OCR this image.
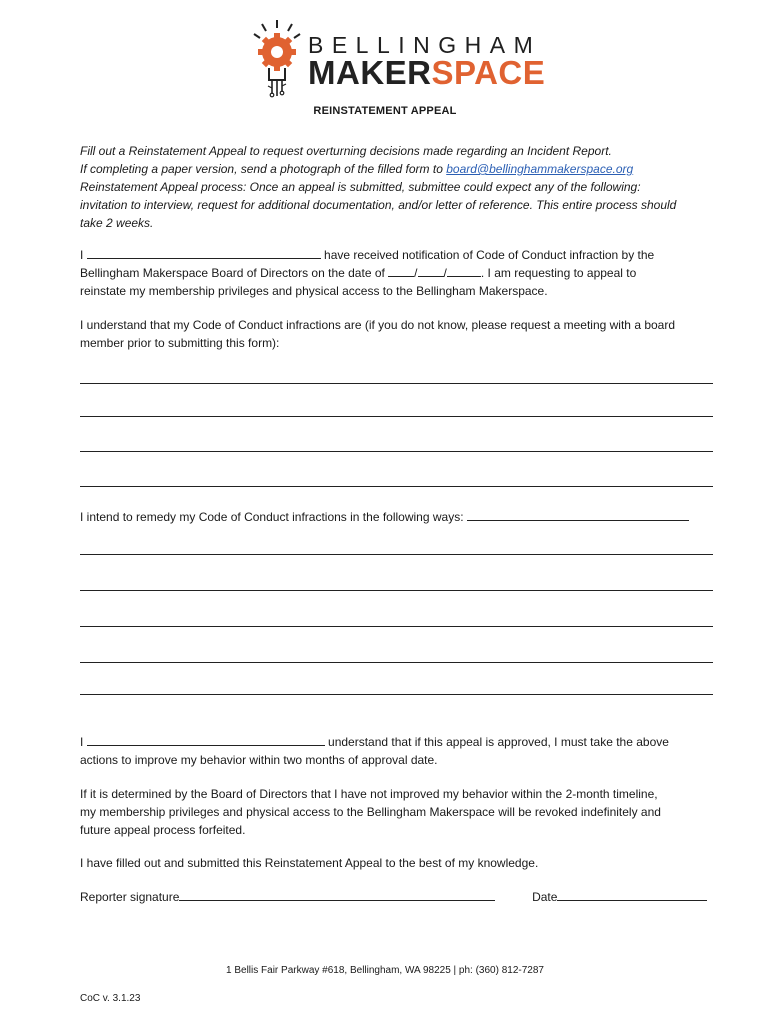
BELLINGHAM
MAKERSPACE
REINSTATEMENT APPEAL
Fill out a Reinstatement Appeal to request overturning decisions made regarding an Incident Report.
If completing a paper version, send a photograph of the filled form to board@bellinghammakerspace.org
Reinstatement Appeal process: Once an appeal is submitted, submittee could expect any of the following:
invitation to interview, request for additional documentation, and/or letter of reference. This entire process should
take 2 weeks.
I	have received notification of Code of Conduct infraction by the
Bellingham Makerspace Board of Directors on the date of / /	. I am requesting to appeal to
reinstate my membership privileges and physical access to the Bellingham Makerspace.
I understand that my Code of Conduct infractions are (if you do not know, please request a meeting with a board
member prior to submitting this form):
I intend to remedy my Code of Conduct infractions in the following ways:
I	understand that if this appeal is approved, I must take the above
actions to improve my behavior within two months of approval date.
If it is determined by the Board of Directors that I have not improved my behavior within the 2-month timeline,
my membership privileges and physical access to the Bellingham Makerspace will be revoked indefinitely and
future appeal process forfeited.
I have filled out and submitted this Reinstatement Appeal to the best of my knowledge.
Reporter signature	Date
1 Bellis Fair Parkway #618, Bellingham, WA 98225 | ph: (360) 812-7287
CoC v. 3.1.23
